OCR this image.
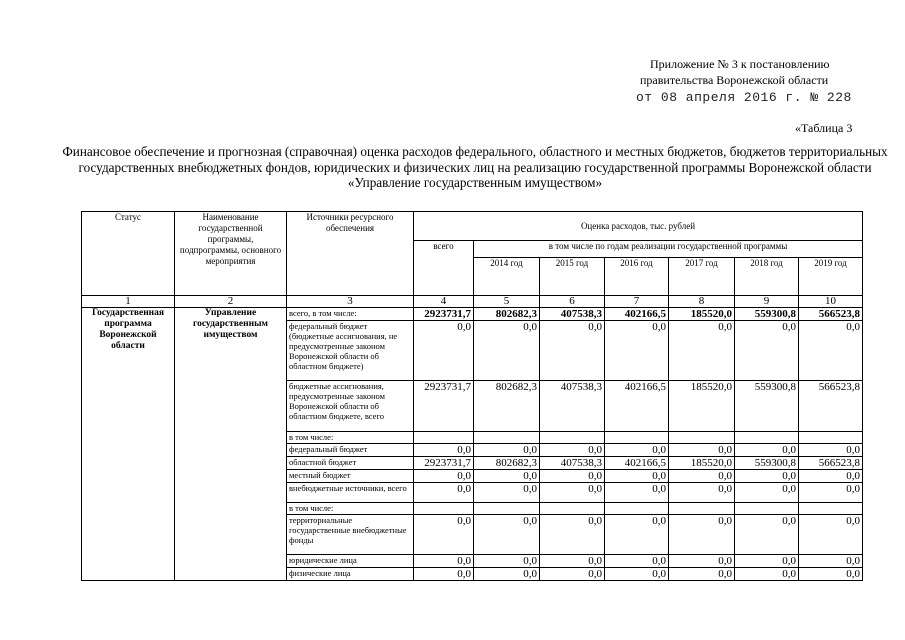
Приложение № 3 к постановлению
правительства Воронежской области
от 08 апреля 2016 г. № 228
«Таблица 3
Финансовое обеспечение и прогнозная (справочная) оценка расходов федерального, областного и местных бюджетов, бюджетов территориальных государственных внебюджетных фондов, юридических и физических лиц на реализацию государственной программы Воронежской области «Управление государственным имуществом»
Статус	Наименование государственной программы, подпрограммы, основного мероприятия	Источники ресурсного обеспечения	Оценка расходов, тыс. рублей						
			всего	в том числе по годам реализации государственной программы					
				2014 год	2015 год	2016 год	2017 год	2018 год	2019 год
1	2	3	4	5	6	7	8	9	10
Государственная программа Воронежской области	Управление государственным имуществом	всего, в том числе:	2923731,7	802682,3	407538,3	402166,5	185520,0	559300,8	566523,8
		федеральный бюджет (бюджетные ассигнования, не предусмотренные законом Воронежской области об областном бюджете)	0,0	0,0	0,0	0,0	0,0	0,0	0,0
		бюджетные ассигнования, предусмотренные законом Воронежской области об областном бюджете, всего	2923731,7	802682,3	407538,3	402166,5	185520,0	559300,8	566523,8
		в том числе:							
		федеральный бюджет	0,0	0,0	0,0	0,0	0,0	0,0	0,0
		областной бюджет	2923731,7	802682,3	407538,3	402166,5	185520,0	559300,8	566523,8
		местный бюджет	0,0	0,0	0,0	0,0	0,0	0,0	0,0
		внебюджетные источники, всего	0,0	0,0	0,0	0,0	0,0	0,0	0,0
		в том числе:							
		территориальные государственные внебюджетные фонды	0,0	0,0	0,0	0,0	0,0	0,0	0,0
		юридические лица	0,0	0,0	0,0	0,0	0,0	0,0	0,0
		физические лица	0,0	0,0	0,0	0,0	0,0	0,0	0,0
